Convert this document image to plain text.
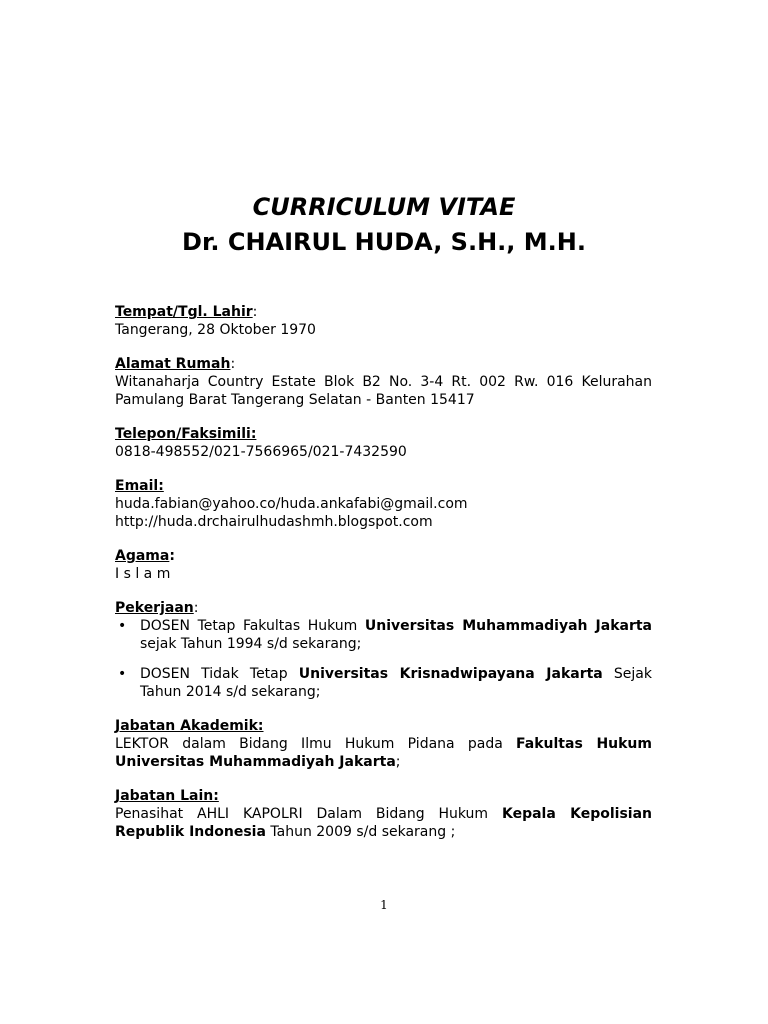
CURRICULUM VITAE
Dr. CHAIRUL HUDA, S.H., M.H.

Tempat/Tgl. Lahir:

Tangerang, 28 Oktober 1970

Alamat Rumah:

Witanaharja Country Estate Blok B2 No. 3-4 Rt. 002 Rw. 016 Kelurahan

Pamulang Barat Tangerang Selatan - Banten 15417

Telepon/Faksimili:

0818-498552/021-7566965/021-7432590

Email:

huda.fabian@yahoo.co/huda.ankafabi@gmail.com

http://huda.drchairulhudashmh.blogspot.com

Agama:

I s l a m

Pekerjaan:

• DOSEN Tetap Fakultas Hukum Universitas Muhammadiyah Jakarta
sejak Tahun 1994 s/d sekarang;
• DOSEN Tidak Tetap Universitas Krisnadwipayana Jakarta Sejak
Tahun 2014 s/d sekarang;

Jabatan Akademik:

LEKTOR dalam Bidang Ilmu Hukum Pidana pada Fakultas Hukum

Universitas Muhammadiyah Jakarta;

Jabatan Lain:

Penasihat AHLI KAPOLRI Dalam Bidang Hukum Kepala Kepolisian

Republik Indonesia Tahun 2009 s/d sekarang ;

1
